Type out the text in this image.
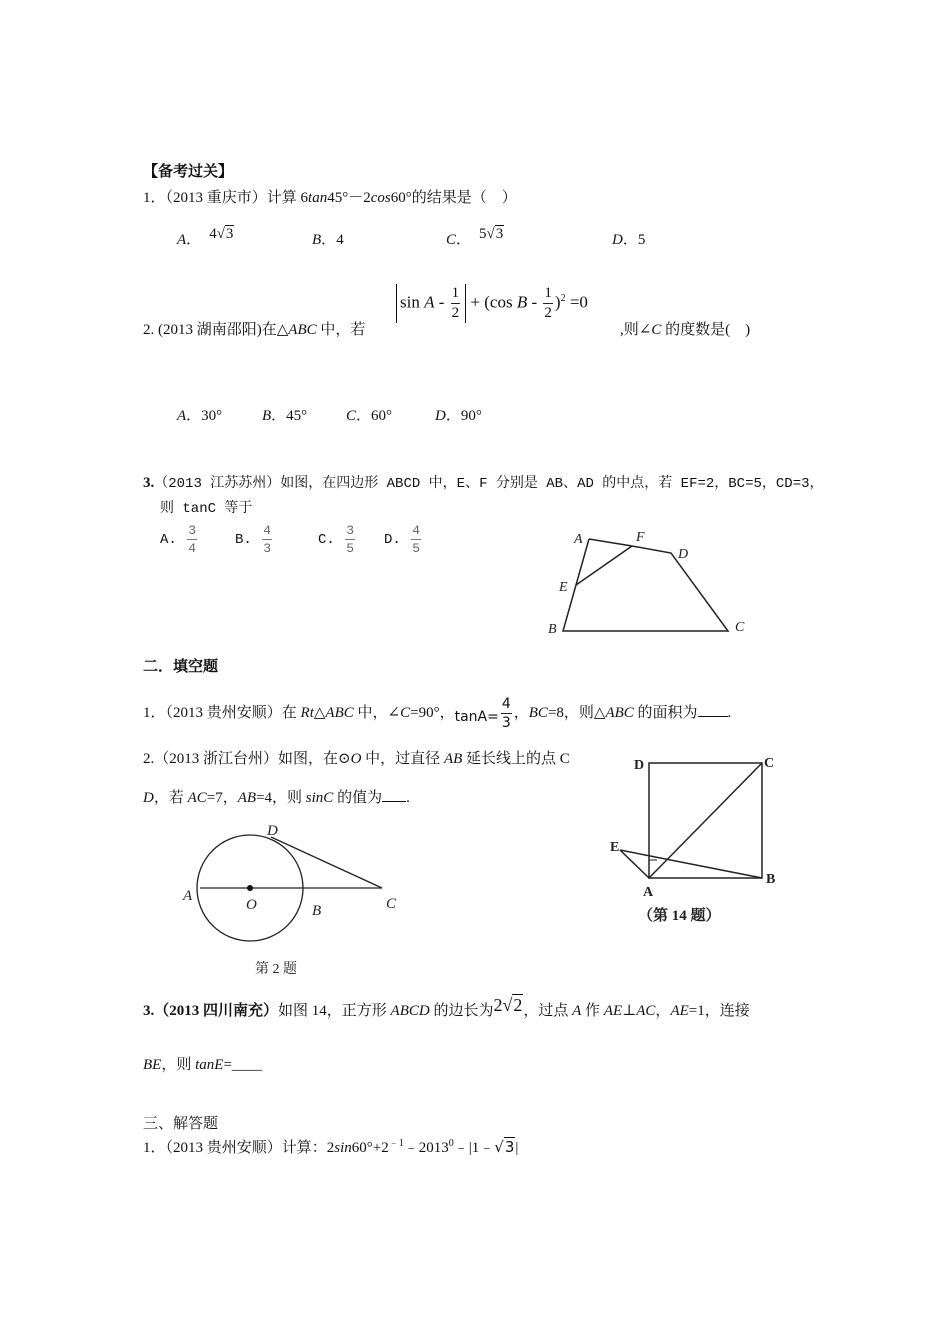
【备考过关】
1．（2013 重庆市）计算 6tan45°－2cos60°的结果是（　）
A． 4√3	B．4	C． 5√3	D．5
2. (2013 湖南邵阳)在△ABC 中，若
$\sin A - \frac{1}{2} + (\cos$ $B - \frac{1}{2} )^2 =0$
,则∠C 的度数是(　)
A．30°	B．45°	C．60°	D．90°
3.（2013 江苏苏州）如图，在四边形 ABCD 中，E、F 分别是 AB、AD 的中点，若 EF=2，BC=5，CD=3，
则 tanC 等于
A. $\frac{3}{4}$	B. $\frac{4}{3}$	C. $\frac{3}{5} D$. $\frac{4}{5}$	A	F
D
E
B	C
二．填空题
1．（2013 贵州安顺）在 Rt△ABC 中，∠C=90°，$\tan A= \frac{4}{3}$ ，BC=8，则△ABC 的面积为 .
2.（2013 浙江台州）如图，在⊙O 中，过直径 AB 延长线上的点 C
D，若 AC=7，AB=4，则 sinC 的值为 .
A
O	B	C
D
第 2 题
D	C
E
A
B
（第 14 题）
3.（2013 四川南充）如图 14，正方形 ABCD 的边长为2√2，过点 A 作 AE⊥AC，AE=1，连接
BE，则 tanE=____
三、解答题
1．（2013 贵州安顺）计算：$2\sin 60^\circ+2^{﹣1}﹣2013^0﹣|1﹣√3|$
